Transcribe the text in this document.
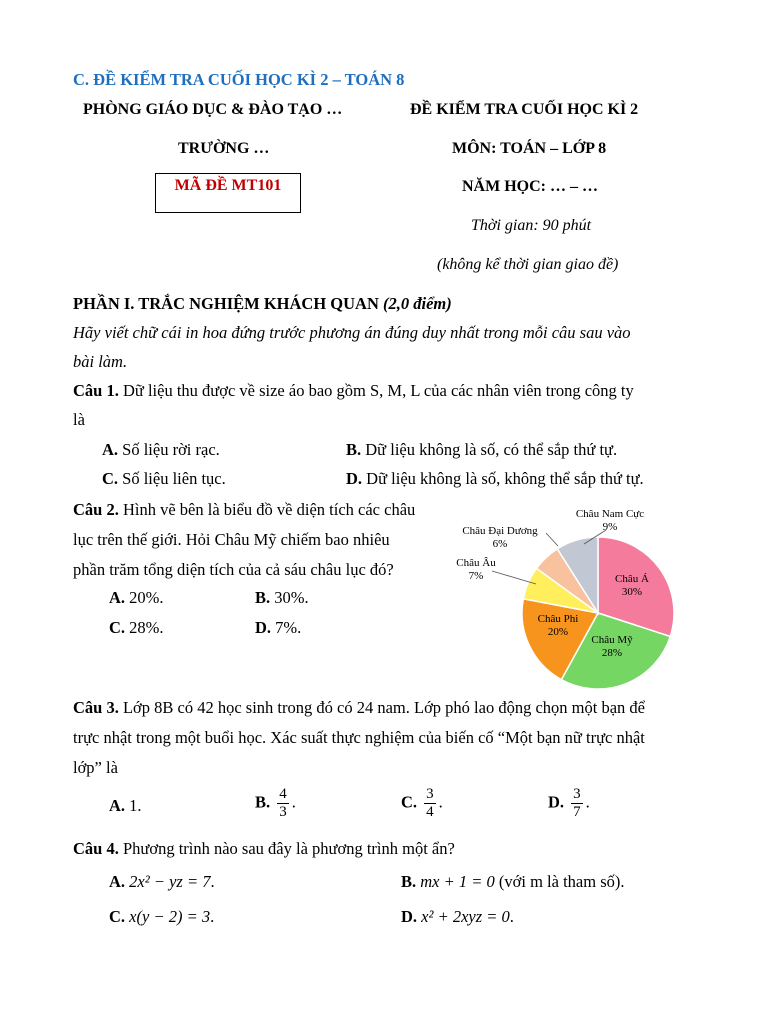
C. ĐỀ KIỂM TRA CUỐI HỌC KÌ 2 – TOÁN 8
PHÒNG GIÁO DỤC & ĐÀO TẠO …
TRƯỜNG …
MÃ ĐỀ MT101
ĐỀ KIỂM TRA CUỐI HỌC KÌ 2
MÔN: TOÁN – LỚP 8
NĂM HỌC: … – …
Thời gian: 90 phút
(không kể thời gian giao đề)
PHẦN I. TRẮC NGHIỆM KHÁCH QUAN (2,0 điểm)
Hãy viết chữ cái in hoa đứng trước phương án đúng duy nhất trong mỗi câu sau vào
bài làm.
Câu 1. Dữ liệu thu được về size áo bao gồm S, M, L của các nhân viên trong công ty
là
A. Số liệu rời rạc.	B. Dữ liệu không là số, có thể sắp thứ tự.
C. Số liệu liên tục.	D. Dữ liệu không là số, không thể sắp thứ tự.
Câu 2. Hình vẽ bên là biểu đồ về diện tích các châu
lục trên thế giới. Hỏi Châu Mỹ chiếm bao nhiêu
phần trăm tổng diện tích của cả sáu châu lục đó?
A. 20%.	B. 30%.
C. 28%.	D. 7%.
Châu Á
30%
Châu Mỹ
28%
Châu Phi
20%
Châu Âu
7%
Châu Đại Dương
6%
Châu Nam Cực
9%
Câu 3. Lớp 8B có 42 học sinh trong đó có 24 nam. Lớp phó lao động chọn một bạn để
trực nhật trong một buổi học. Xác suất thực nghiệm của biến cố “Một bạn nữ trực nhật
lớp” là
A. 1.	B. $\frac{4}{3}$ .	C. $\frac{3}{4}$ .	D. $\frac{3}{7}$ .
Câu 4. Phương trình nào sau đây là phương trình một ẩn?
A. 2x² − yz = 7.	B. mx + 1 = 0 (với m là tham số).
C. x(y − 2) = 3.	D. x² + 2xyz = 0.
